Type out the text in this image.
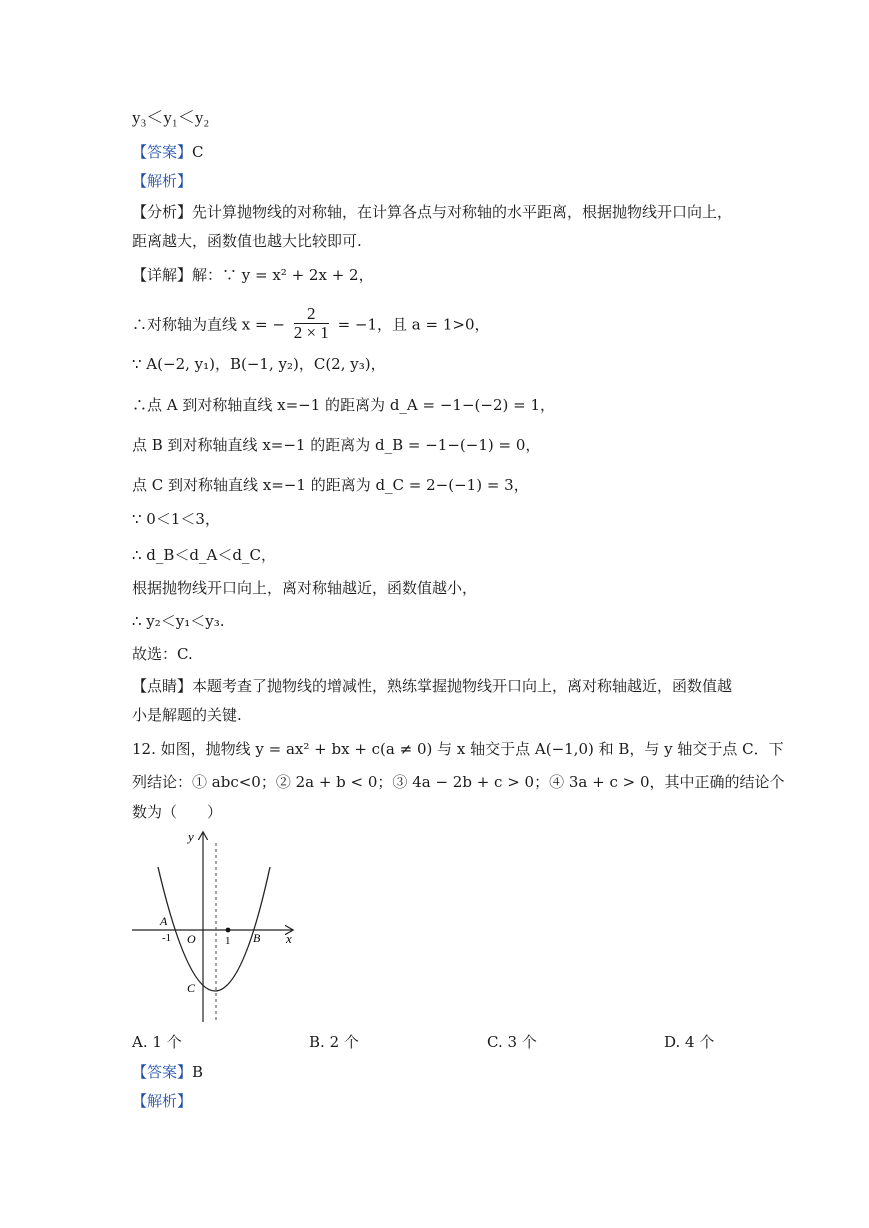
y₃＜y₁＜y₂
【答案】C
【解析】
【分析】先计算抛物线的对称轴，在计算各点与对称轴的水平距离，根据抛物线开口向上，
距离越大，函数值也越大比较即可.
【详解】解：∵ y = x² + 2x + 2，
∴对称轴为直线 x = − $\frac{2}{2 \times 1} = -1$，且 a = 1>0，
∵ A(−2, y₁)，B(−1, y₂)，C(2, y₃)，
∴点 A 到对称轴直线 x=−1 的距离为 d_A = −1−(−2) = 1，
点 B 到对称轴直线 x=−1 的距离为 d_B = −1−(−1) = 0，
点 C 到对称轴直线 x=−1 的距离为 d_C = 2−(−1) = 3，
∵ 0＜1＜3，
∴ d_B＜d_A＜d_C，
根据抛物线开口向上，离对称轴越近，函数值越小，
∴ y₂＜y₁＜y₃.
故选：C.
【点睛】本题考查了抛物线的增减性，熟练掌握抛物线开口向上，离对称轴越近，函数值越
小是解题的关键.
12. 如图，抛物线 y = ax² + bx + c(a ≠ 0) 与 x 轴交于点 A(−1,0) 和 B，与 y 轴交于点 C．下
列结论：① abc<0；② 2a + b < 0；③ 4a − 2b + c > 0；④ 3a + c > 0，其中正确的结论个
数为（　　）
y
x
A
-1 O	1 B
C
A. 1 个	B. 2 个	C. 3 个	D. 4 个
【答案】B
【解析】
